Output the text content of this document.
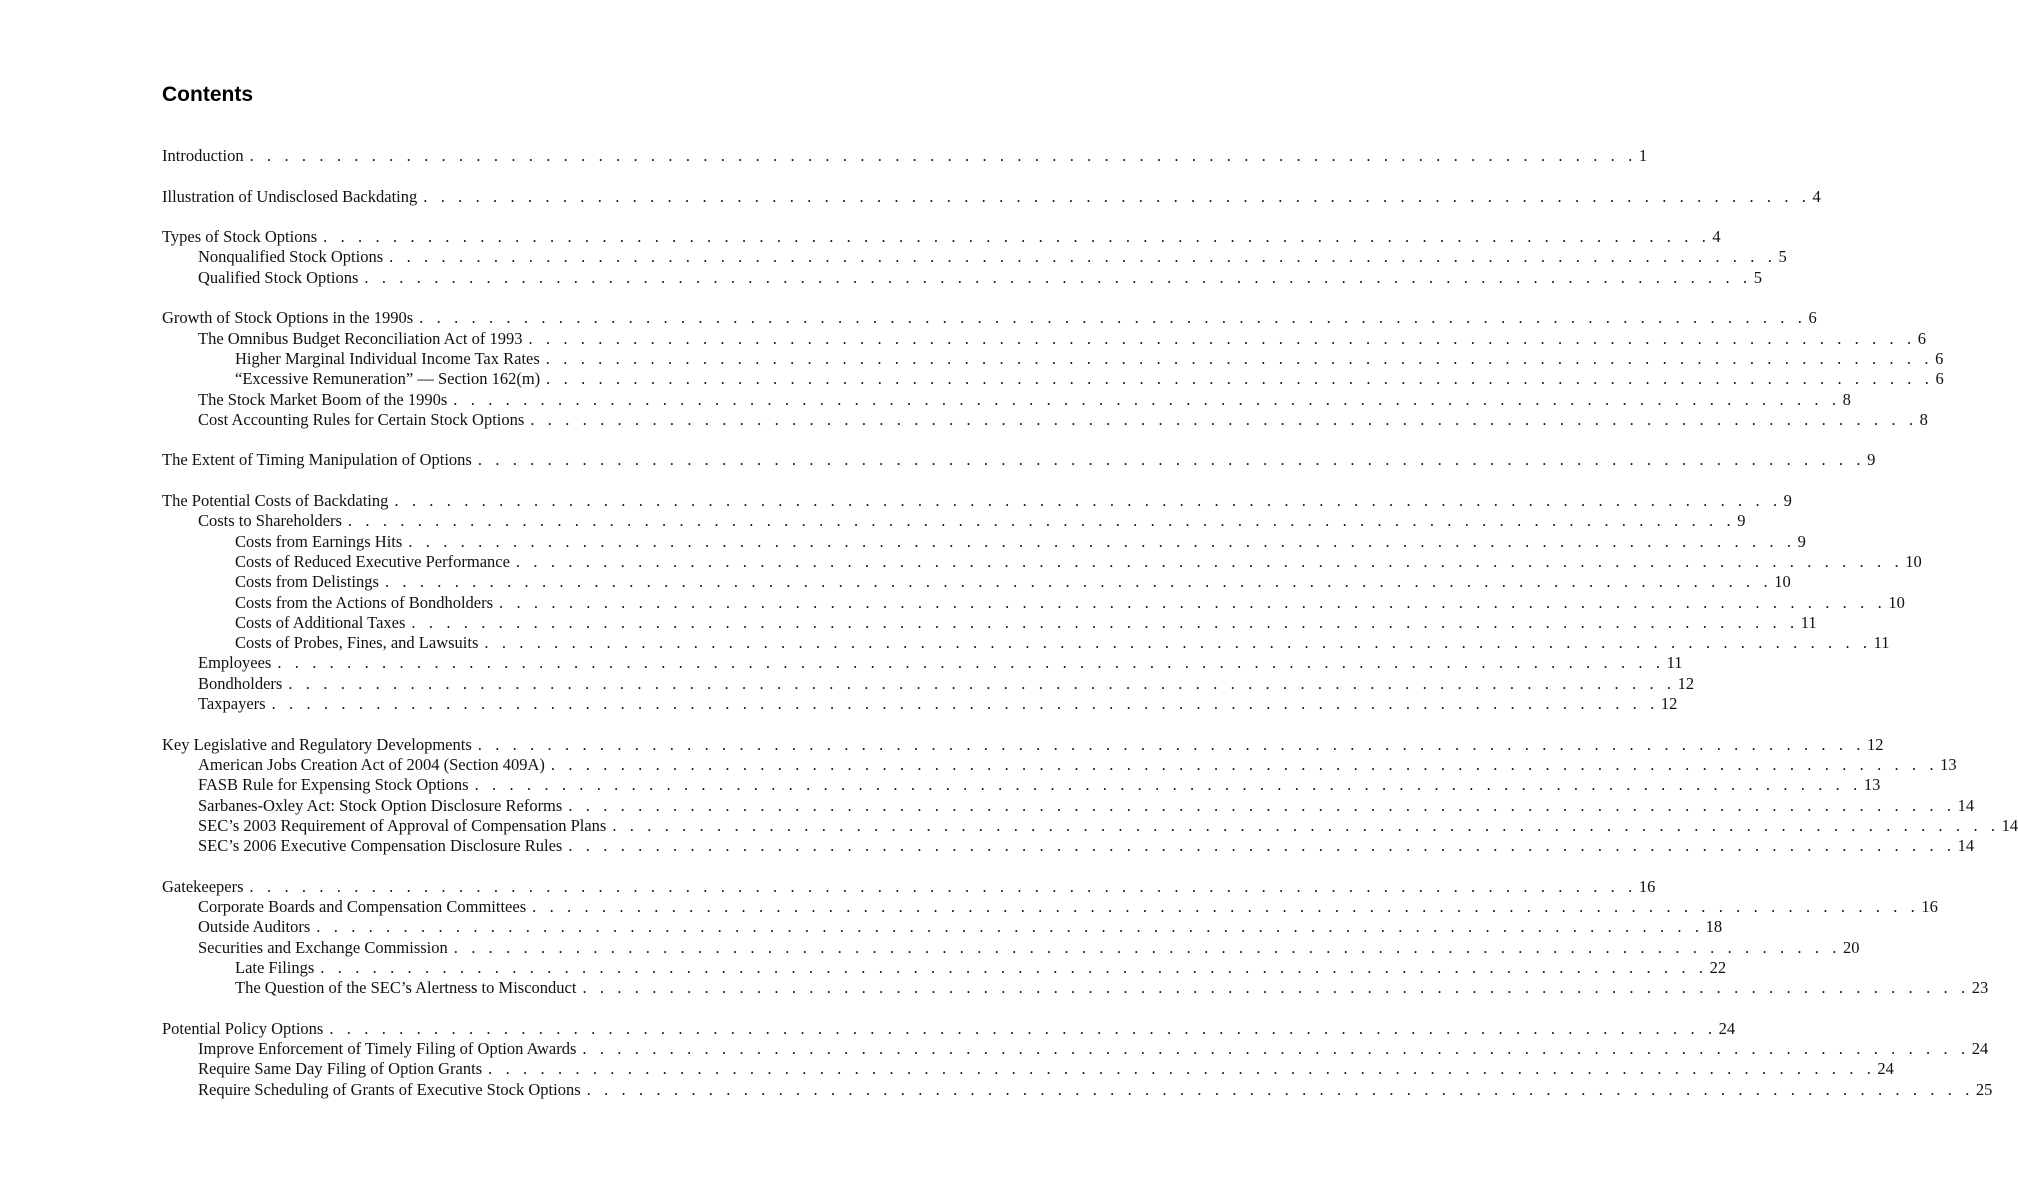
Contents
Introduction . . . . . . . . . . . . . . . . . . . . . . . . . . . . . . . . . . . . . . . . . . . . . . . . . . . . . . . . . . . . . . . . . . . . . . . . . . . . . . . . 1
Illustration of Undisclosed Backdating . . . . . . . . . . . . . . . . . . . . . . . . . . . . . . . . . . . . . . . . . . . . . . . . . . . . . . . . . . . . . . . . . . . . . . . . . . . . . . . . 4
Types of Stock Options . . . . . . . . . . . . . . . . . . . . . . . . . . . . . . . . . . . . . . . . . . . . . . . . . . . . . . . . . . . . . . . . . . . . . . . . . . . . . . . . 4
Nonqualified Stock Options . . . . . . . . . . . . . . . . . . . . . . . . . . . . . . . . . . . . . . . . . . . . . . . . . . . . . . . . . . . . . . . . . . . . . . . . . . . . . . . . 5
Qualified Stock Options . . . . . . . . . . . . . . . . . . . . . . . . . . . . . . . . . . . . . . . . . . . . . . . . . . . . . . . . . . . . . . . . . . . . . . . . . . . . . . . . 5
Growth of Stock Options in the 1990s . . . . . . . . . . . . . . . . . . . . . . . . . . . . . . . . . . . . . . . . . . . . . . . . . . . . . . . . . . . . . . . . . . . . . . . . . . . . . . . . 6
The Omnibus Budget Reconciliation Act of 1993 . . . . . . . . . . . . . . . . . . . . . . . . . . . . . . . . . . . . . . . . . . . . . . . . . . . . . . . . . . . . . . . . . . . . . . . . . . . . . . . . 6
Higher Marginal Individual Income Tax Rates . . . . . . . . . . . . . . . . . . . . . . . . . . . . . . . . . . . . . . . . . . . . . . . . . . . . . . . . . . . . . . . . . . . . . . . . . . . . . . . . 6
“Excessive Remuneration” — Section 162(m) . . . . . . . . . . . . . . . . . . . . . . . . . . . . . . . . . . . . . . . . . . . . . . . . . . . . . . . . . . . . . . . . . . . . . . . . . . . . . . . . 6
The Stock Market Boom of the 1990s . . . . . . . . . . . . . . . . . . . . . . . . . . . . . . . . . . . . . . . . . . . . . . . . . . . . . . . . . . . . . . . . . . . . . . . . . . . . . . . . 8
Cost Accounting Rules for Certain Stock Options . . . . . . . . . . . . . . . . . . . . . . . . . . . . . . . . . . . . . . . . . . . . . . . . . . . . . . . . . . . . . . . . . . . . . . . . . . . . . . . . 8
The Extent of Timing Manipulation of Options . . . . . . . . . . . . . . . . . . . . . . . . . . . . . . . . . . . . . . . . . . . . . . . . . . . . . . . . . . . . . . . . . . . . . . . . . . . . . . . . 9
The Potential Costs of Backdating . . . . . . . . . . . . . . . . . . . . . . . . . . . . . . . . . . . . . . . . . . . . . . . . . . . . . . . . . . . . . . . . . . . . . . . . . . . . . . . . 9
Costs to Shareholders . . . . . . . . . . . . . . . . . . . . . . . . . . . . . . . . . . . . . . . . . . . . . . . . . . . . . . . . . . . . . . . . . . . . . . . . . . . . . . . . 9
Costs from Earnings Hits . . . . . . . . . . . . . . . . . . . . . . . . . . . . . . . . . . . . . . . . . . . . . . . . . . . . . . . . . . . . . . . . . . . . . . . . . . . . . . . . 9
Costs of Reduced Executive Performance . . . . . . . . . . . . . . . . . . . . . . . . . . . . . . . . . . . . . . . . . . . . . . . . . . . . . . . . . . . . . . . . . . . . . . . . . . . . . . . . 10
Costs from Delistings . . . . . . . . . . . . . . . . . . . . . . . . . . . . . . . . . . . . . . . . . . . . . . . . . . . . . . . . . . . . . . . . . . . . . . . . . . . . . . . . 10
Costs from the Actions of Bondholders . . . . . . . . . . . . . . . . . . . . . . . . . . . . . . . . . . . . . . . . . . . . . . . . . . . . . . . . . . . . . . . . . . . . . . . . . . . . . . . . 10
Costs of Additional Taxes . . . . . . . . . . . . . . . . . . . . . . . . . . . . . . . . . . . . . . . . . . . . . . . . . . . . . . . . . . . . . . . . . . . . . . . . . . . . . . . . 11
Costs of Probes, Fines, and Lawsuits . . . . . . . . . . . . . . . . . . . . . . . . . . . . . . . . . . . . . . . . . . . . . . . . . . . . . . . . . . . . . . . . . . . . . . . . . . . . . . . . 11
Employees . . . . . . . . . . . . . . . . . . . . . . . . . . . . . . . . . . . . . . . . . . . . . . . . . . . . . . . . . . . . . . . . . . . . . . . . . . . . . . . . 11
Bondholders . . . . . . . . . . . . . . . . . . . . . . . . . . . . . . . . . . . . . . . . . . . . . . . . . . . . . . . . . . . . . . . . . . . . . . . . . . . . . . . . 12
Taxpayers . . . . . . . . . . . . . . . . . . . . . . . . . . . . . . . . . . . . . . . . . . . . . . . . . . . . . . . . . . . . . . . . . . . . . . . . . . . . . . . . 12
Key Legislative and Regulatory Developments . . . . . . . . . . . . . . . . . . . . . . . . . . . . . . . . . . . . . . . . . . . . . . . . . . . . . . . . . . . . . . . . . . . . . . . . . . . . . . . . 12
American Jobs Creation Act of 2004 (Section 409A) . . . . . . . . . . . . . . . . . . . . . . . . . . . . . . . . . . . . . . . . . . . . . . . . . . . . . . . . . . . . . . . . . . . . . . . . . . . . . . . . 13
FASB Rule for Expensing Stock Options . . . . . . . . . . . . . . . . . . . . . . . . . . . . . . . . . . . . . . . . . . . . . . . . . . . . . . . . . . . . . . . . . . . . . . . . . . . . . . . . 13
Sarbanes-Oxley Act: Stock Option Disclosure Reforms . . . . . . . . . . . . . . . . . . . . . . . . . . . . . . . . . . . . . . . . . . . . . . . . . . . . . . . . . . . . . . . . . . . . . . . . . . . . . . . . 14
SEC’s 2003 Requirement of Approval of Compensation Plans . . . . . . . . . . . . . . . . . . . . . . . . . . . . . . . . . . . . . . . . . . . . . . . . . . . . . . . . . . . . . . . . . . . . . . . . . . . . . . . . 14
SEC’s 2006 Executive Compensation Disclosure Rules . . . . . . . . . . . . . . . . . . . . . . . . . . . . . . . . . . . . . . . . . . . . . . . . . . . . . . . . . . . . . . . . . . . . . . . . . . . . . . . . 14
Gatekeepers . . . . . . . . . . . . . . . . . . . . . . . . . . . . . . . . . . . . . . . . . . . . . . . . . . . . . . . . . . . . . . . . . . . . . . . . . . . . . . . . 16
Corporate Boards and Compensation Committees . . . . . . . . . . . . . . . . . . . . . . . . . . . . . . . . . . . . . . . . . . . . . . . . . . . . . . . . . . . . . . . . . . . . . . . . . . . . . . . . 16
Outside Auditors . . . . . . . . . . . . . . . . . . . . . . . . . . . . . . . . . . . . . . . . . . . . . . . . . . . . . . . . . . . . . . . . . . . . . . . . . . . . . . . . 18
Securities and Exchange Commission . . . . . . . . . . . . . . . . . . . . . . . . . . . . . . . . . . . . . . . . . . . . . . . . . . . . . . . . . . . . . . . . . . . . . . . . . . . . . . . . 20
Late Filings . . . . . . . . . . . . . . . . . . . . . . . . . . . . . . . . . . . . . . . . . . . . . . . . . . . . . . . . . . . . . . . . . . . . . . . . . . . . . . . . 22
The Question of the SEC’s Alertness to Misconduct . . . . . . . . . . . . . . . . . . . . . . . . . . . . . . . . . . . . . . . . . . . . . . . . . . . . . . . . . . . . . . . . . . . . . . . . . . . . . . . . 23
Potential Policy Options . . . . . . . . . . . . . . . . . . . . . . . . . . . . . . . . . . . . . . . . . . . . . . . . . . . . . . . . . . . . . . . . . . . . . . . . . . . . . . . . 24
Improve Enforcement of Timely Filing of Option Awards . . . . . . . . . . . . . . . . . . . . . . . . . . . . . . . . . . . . . . . . . . . . . . . . . . . . . . . . . . . . . . . . . . . . . . . . . . . . . . . . 24
Require Same Day Filing of Option Grants . . . . . . . . . . . . . . . . . . . . . . . . . . . . . . . . . . . . . . . . . . . . . . . . . . . . . . . . . . . . . . . . . . . . . . . . . . . . . . . . 24
Require Scheduling of Grants of Executive Stock Options . . . . . . . . . . . . . . . . . . . . . . . . . . . . . . . . . . . . . . . . . . . . . . . . . . . . . . . . . . . . . . . . . . . . . . . . . . . . . . . . 25
